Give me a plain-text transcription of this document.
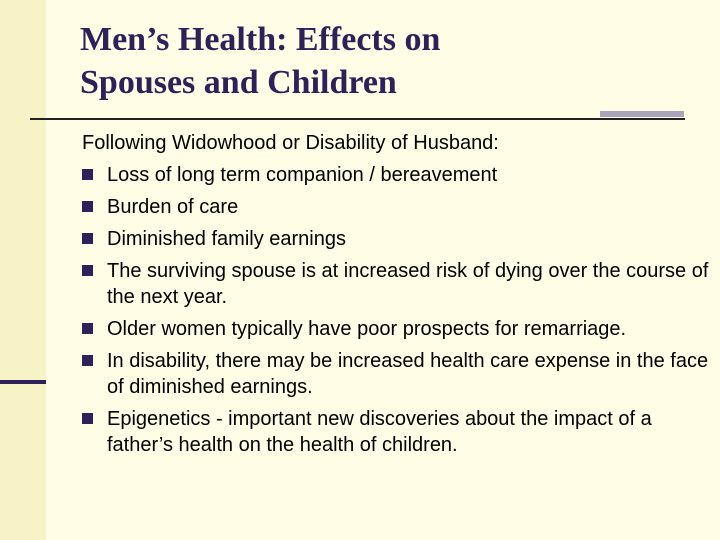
Men’s Health: Effects on
Spouses and Children
Following Widowhood or Disability of Husband:
Loss of long term companion / bereavement
Burden of care
Diminished family earnings
The surviving spouse is at increased risk of dying over the course of the next year.
Older women typically have poor prospects for remarriage.
In disability, there may be increased health care expense in the face of diminished earnings.
Epigenetics - important new discoveries about the impact of a father’s health on the health of children.
